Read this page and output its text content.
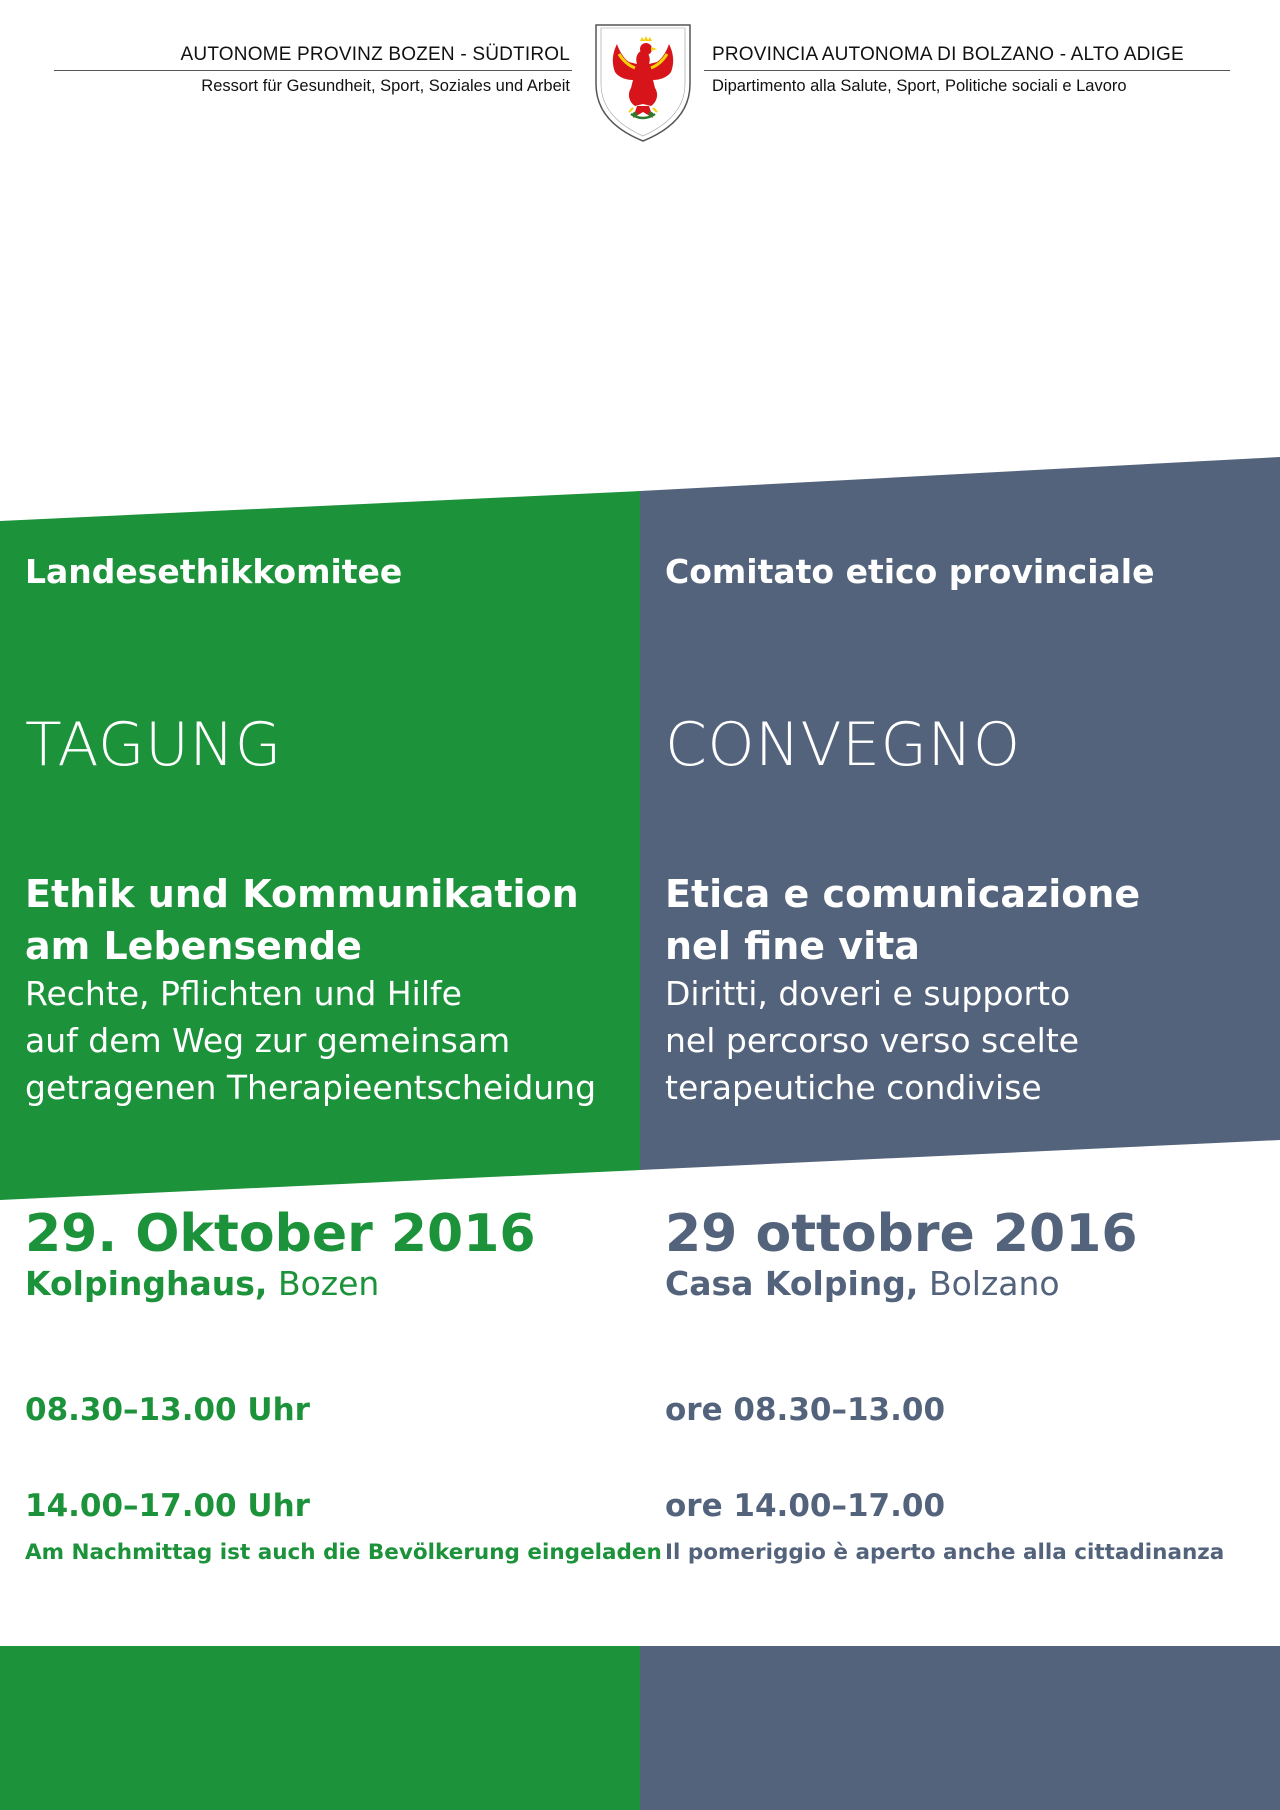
AUTONOME PROVINZ BOZEN - SÜDTIROL
Ressort für Gesundheit, Sport, Soziales und Arbeit
PROVINCIA AUTONOMA DI BOLZANO - ALTO ADIGE
Dipartimento alla Salute, Sport, Politiche sociali e Lavoro
Landesethikkomitee
TAGUNG
Ethik und Kommunikation
am Lebensende
Rechte, Pflichten und Hilfe
auf dem Weg zur gemeinsam
getragenen Therapieentscheidung
29. Oktober 2016
Kolpinghaus, Bozen
08.30–13.00 Uhr
14.00–17.00 Uhr
Am Nachmittag ist auch die Bevölkerung eingeladen
Comitato etico provinciale
CONVEGNO
Etica e comunicazione
nel fine vita
Diritti, doveri e supporto
nel percorso verso scelte
terapeutiche condivise
29 ottobre 2016
Casa Kolping, Bolzano
ore 08.30–13.00
ore 14.00–17.00
Il pomeriggio è aperto anche alla cittadinanza
